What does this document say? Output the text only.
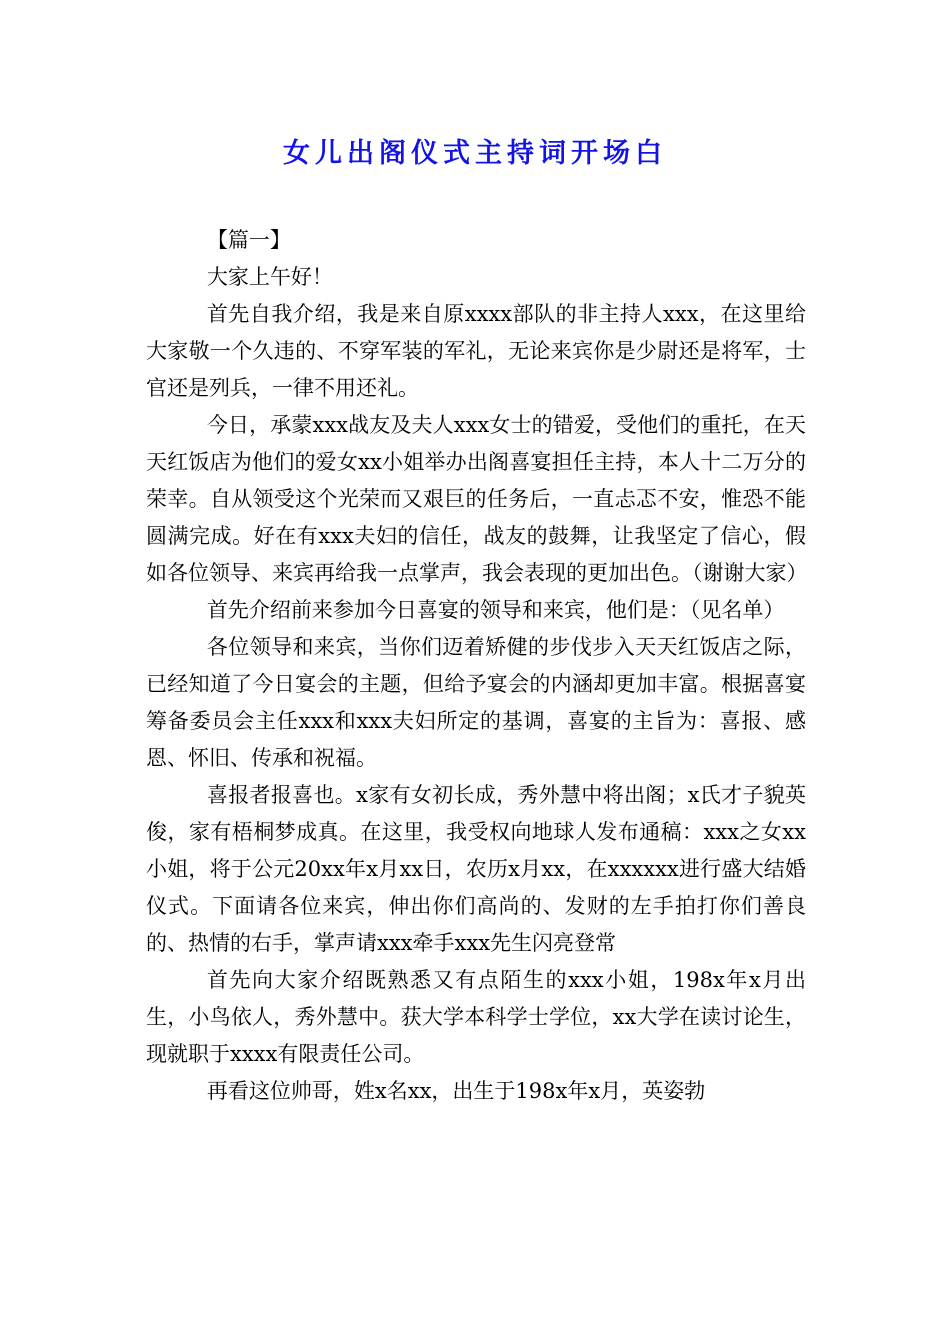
女儿出阁仪式主持词开场白

【篇一】

大家上午好！

首先自我介绍，我是来自原xxxx部队的非主持人xxx，在这里给大家敬一个久违的、不穿军装的军礼，无论来宾你是少尉还是将军，士官还是列兵，一律不用还礼。

今日，承蒙xxx战友及夫人xxx女士的错爱，受他们的重托，在天天红饭店为他们的爱女xx小姐举办出阁喜宴担任主持，本人十二万分的荣幸。自从领受这个光荣而又艰巨的任务后，一直忐忑不安，惟恐不能圆满完成。好在有xxx夫妇的信任，战友的鼓舞，让我坚定了信心，假如各位领导、来宾再给我一点掌声，我会表现的更加出色。（谢谢大家）

首先介绍前来参加今日喜宴的领导和来宾，他们是：（见名单）

各位领导和来宾，当你们迈着矫健的步伐步入天天红饭店之际，已经知道了今日宴会的主题，但给予宴会的内涵却更加丰富。根据喜宴筹备委员会主任xxx和xxx夫妇所定的基调，喜宴的主旨为：喜报、感恩、怀旧、传承和祝福。

喜报者报喜也。x家有女初长成，秀外慧中将出阁；x氏才子貌英俊，家有梧桐梦成真。在这里，我受权向地球人发布通稿：xxx之女xx小姐，将于公元20xx年x月xx日，农历x月xx，在xxxxxx进行盛大结婚仪式。下面请各位来宾，伸出你们高尚的、发财的左手拍打你们善良的、热情的右手，掌声请xxx牵手xxx先生闪亮登常

首先向大家介绍既熟悉又有点陌生的xxx小姐，198x年x月出生，小鸟依人，秀外慧中。获大学本科学士学位，xx大学在读讨论生，现就职于xxxx有限责任公司。

再看这位帅哥，姓x名xx，出生于198x年x月，英姿勃
